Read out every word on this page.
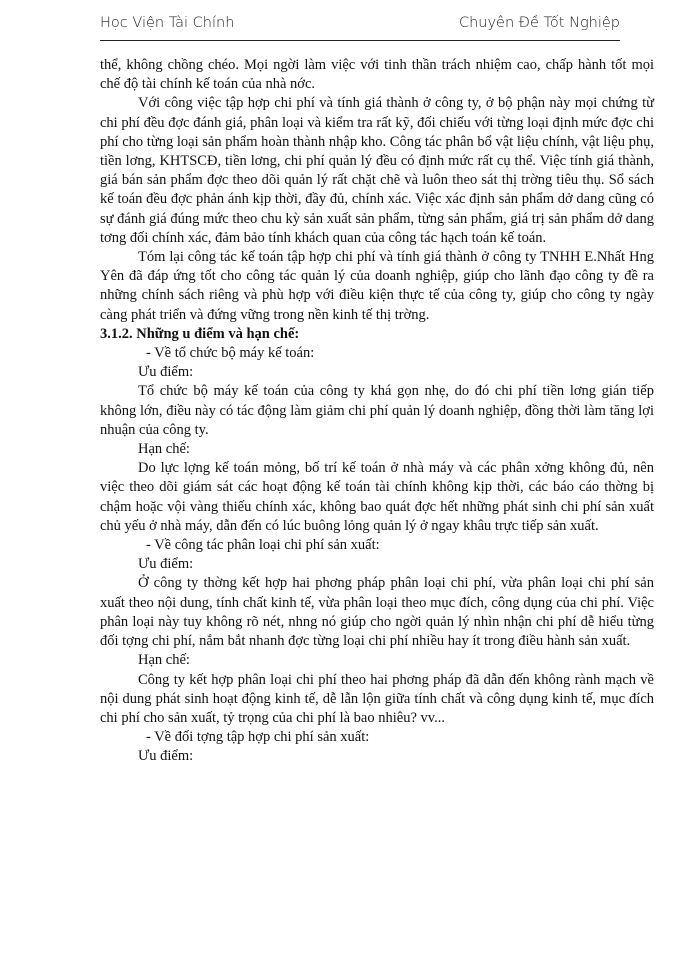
Học Viện Tài Chính	Chuyên Đề Tốt Nghiệp

thể, không chồng chéo. Mọi ngời làm việc với tinh thần trách nhiệm cao, chấp hành tốt mọi chế độ tài chính kế toán của nhà nớc.

Với công việc tập hợp chi phí và tính giá thành ở công ty, ở bộ phận này mọi chứng từ chi phí đều đợc đánh giá, phân loại và kiểm tra rất kỹ, đối chiếu với từng loại định mức đợc chi phí cho từng loại sản phẩm hoàn thành nhập kho. Công tác phân bổ vật liệu chính, vật liệu phụ, tiền lơng, KHTSCĐ, tiền lơng, chi phí quản lý đều có định mức rất cụ thể. Việc tính giá thành, giá bán sản phẩm đợc theo dõi quản lý rất chặt chẽ và luôn theo sát thị trờng tiêu thụ. Sổ sách kế toán đều đợc phản ánh kịp thời, đầy đủ, chính xác. Việc xác định sản phẩm dở dang cũng có sự đánh giá đúng mức theo chu kỳ sản xuất sản phẩm, từng sản phẩm, giá trị sản phẩm dở dang tơng đối chính xác, đảm bảo tính khách quan của công tác hạch toán kế toán.

Tóm lại công tác kế toán tập hợp chi phí và tính giá thành ở công ty TNHH E.Nhất Hng Yên đã đáp ứng tốt cho công tác quản lý của doanh nghiệp, giúp cho lãnh đạo công ty đề ra những chính sách riêng và phù hợp với điều kiện thực tế của công ty, giúp cho công ty ngày càng phát triển và đứng vững trong nền kinh tế thị trờng.

3.1.2. Những u điểm và hạn chế:

- Về tổ chức bộ máy kế toán:

Ưu điểm:

Tổ chức bộ máy kế toán của công ty khá gọn nhẹ, do đó chi phí tiền lơng gián tiếp không lớn, điều này có tác động làm giảm chi phí quản lý doanh nghiệp, đồng thời làm tăng lợi nhuận của công ty.

Hạn chế:

Do lực lợng kế toán mỏng, bố trí kế toán ở nhà máy và các phân xởng không đủ, nên việc theo dõi giám sát các hoạt động kế toán tài chính không kịp thời, các báo cáo thờng bị chậm hoặc vội vàng thiếu chính xác, không bao quát đợc hết những phát sinh chi phí sản xuất chủ yếu ở nhà máy, dẫn đến có lúc buông lỏng quản lý ở ngay khâu trực tiếp sản xuất.

- Về công tác phân loại chi phí sản xuất:

Ưu điểm:

Ở công ty thờng kết hợp hai phơng pháp phân loại chi phí, vừa phân loại chi phí sản xuất theo nội dung, tính chất kinh tế, vừa phân loại theo mục đích, công dụng của chi phí. Việc phân loại này tuy không rõ nét, nhng nó giúp cho ngời quản lý nhìn nhận chi phí dễ hiểu từng đối tợng chi phí, nắm bắt nhanh đợc từng loại chi phí nhiều hay ít trong điều hành sản xuất.

Hạn chế:

Công ty kết hợp phân loại chi phí theo hai phơng pháp đã dẫn đến không rành mạch về nội dung phát sinh hoạt động kinh tế, dễ lẫn lộn giữa tính chất và công dụng kinh tế, mục đích chi phí cho sản xuất, tỷ trọng của chi phí là bao nhiêu? vv...

- Về đối tợng tập hợp chi phí sản xuất:

Ưu điểm:
